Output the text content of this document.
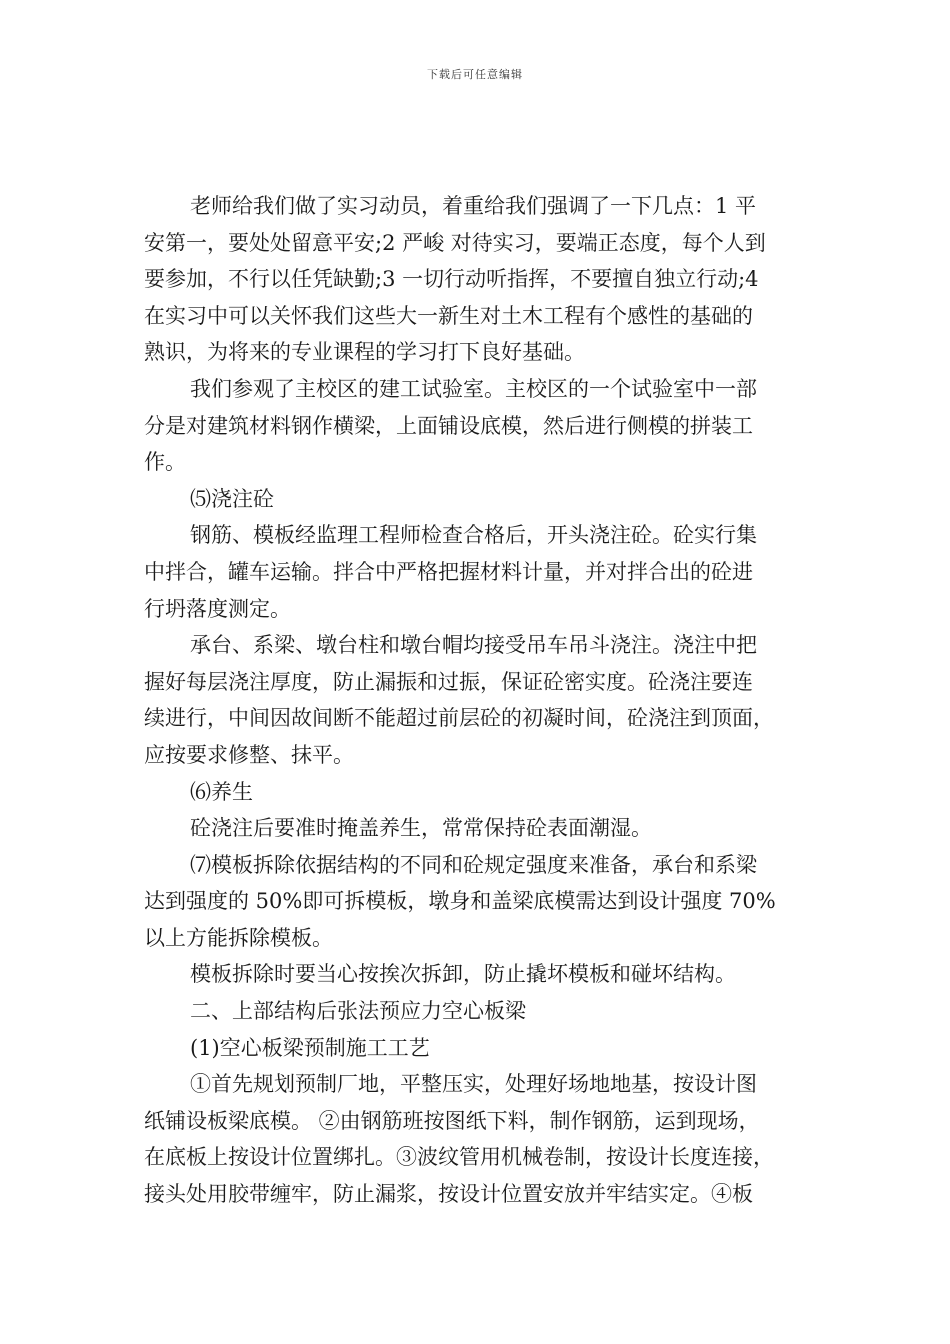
下载后可任意编辑

老师给我们做了实习动员，着重给我们强调了一下几点：1 平

安第一，要处处留意平安;2 严峻 对待实习，要端正态度，每个人到

要参加，不行以任凭缺勤;3 一切行动听指挥，不要擅自独立行动;4

在实习中可以关怀我们这些大一新生对土木工程有个感性的基础的

熟识，为将来的专业课程的学习打下良好基础。

我们参观了主校区的建工试验室。主校区的一个试验室中一部

分是对建筑材料钢作横梁，上面铺设底模，然后进行侧模的拼装工

作。

⑸浇注砼

钢筋、模板经监理工程师检查合格后，开头浇注砼。砼实行集

中拌合，罐车运输。拌合中严格把握材料计量，并对拌合出的砼进

行坍落度测定。

承台、系梁、墩台柱和墩台帽均接受吊车吊斗浇注。浇注中把

握好每层浇注厚度，防止漏振和过振，保证砼密实度。砼浇注要连

续进行，中间因故间断不能超过前层砼的初凝时间，砼浇注到顶面，

应按要求修整、抹平。

⑹养生

砼浇注后要准时掩盖养生，常常保持砼表面潮湿。

⑺模板拆除依据结构的不同和砼规定强度来准备，承台和系梁

达到强度的 50%即可拆模板，墩身和盖梁底模需达到设计强度 70%

以上方能拆除模板。

模板拆除时要当心按挨次拆卸，防止撬坏模板和碰坏结构。

二、上部结构后张法预应力空心板梁

(1)空心板梁预制施工工艺

①首先规划预制厂地，平整压实，处理好场地地基，按设计图

纸铺设板梁底模。 ②由钢筋班按图纸下料，制作钢筋，运到现场，

在底板上按设计位置绑扎。③波纹管用机械卷制，按设计长度连接，

接头处用胶带缠牢，防止漏浆，按设计位置安放并牢结实定。④板
